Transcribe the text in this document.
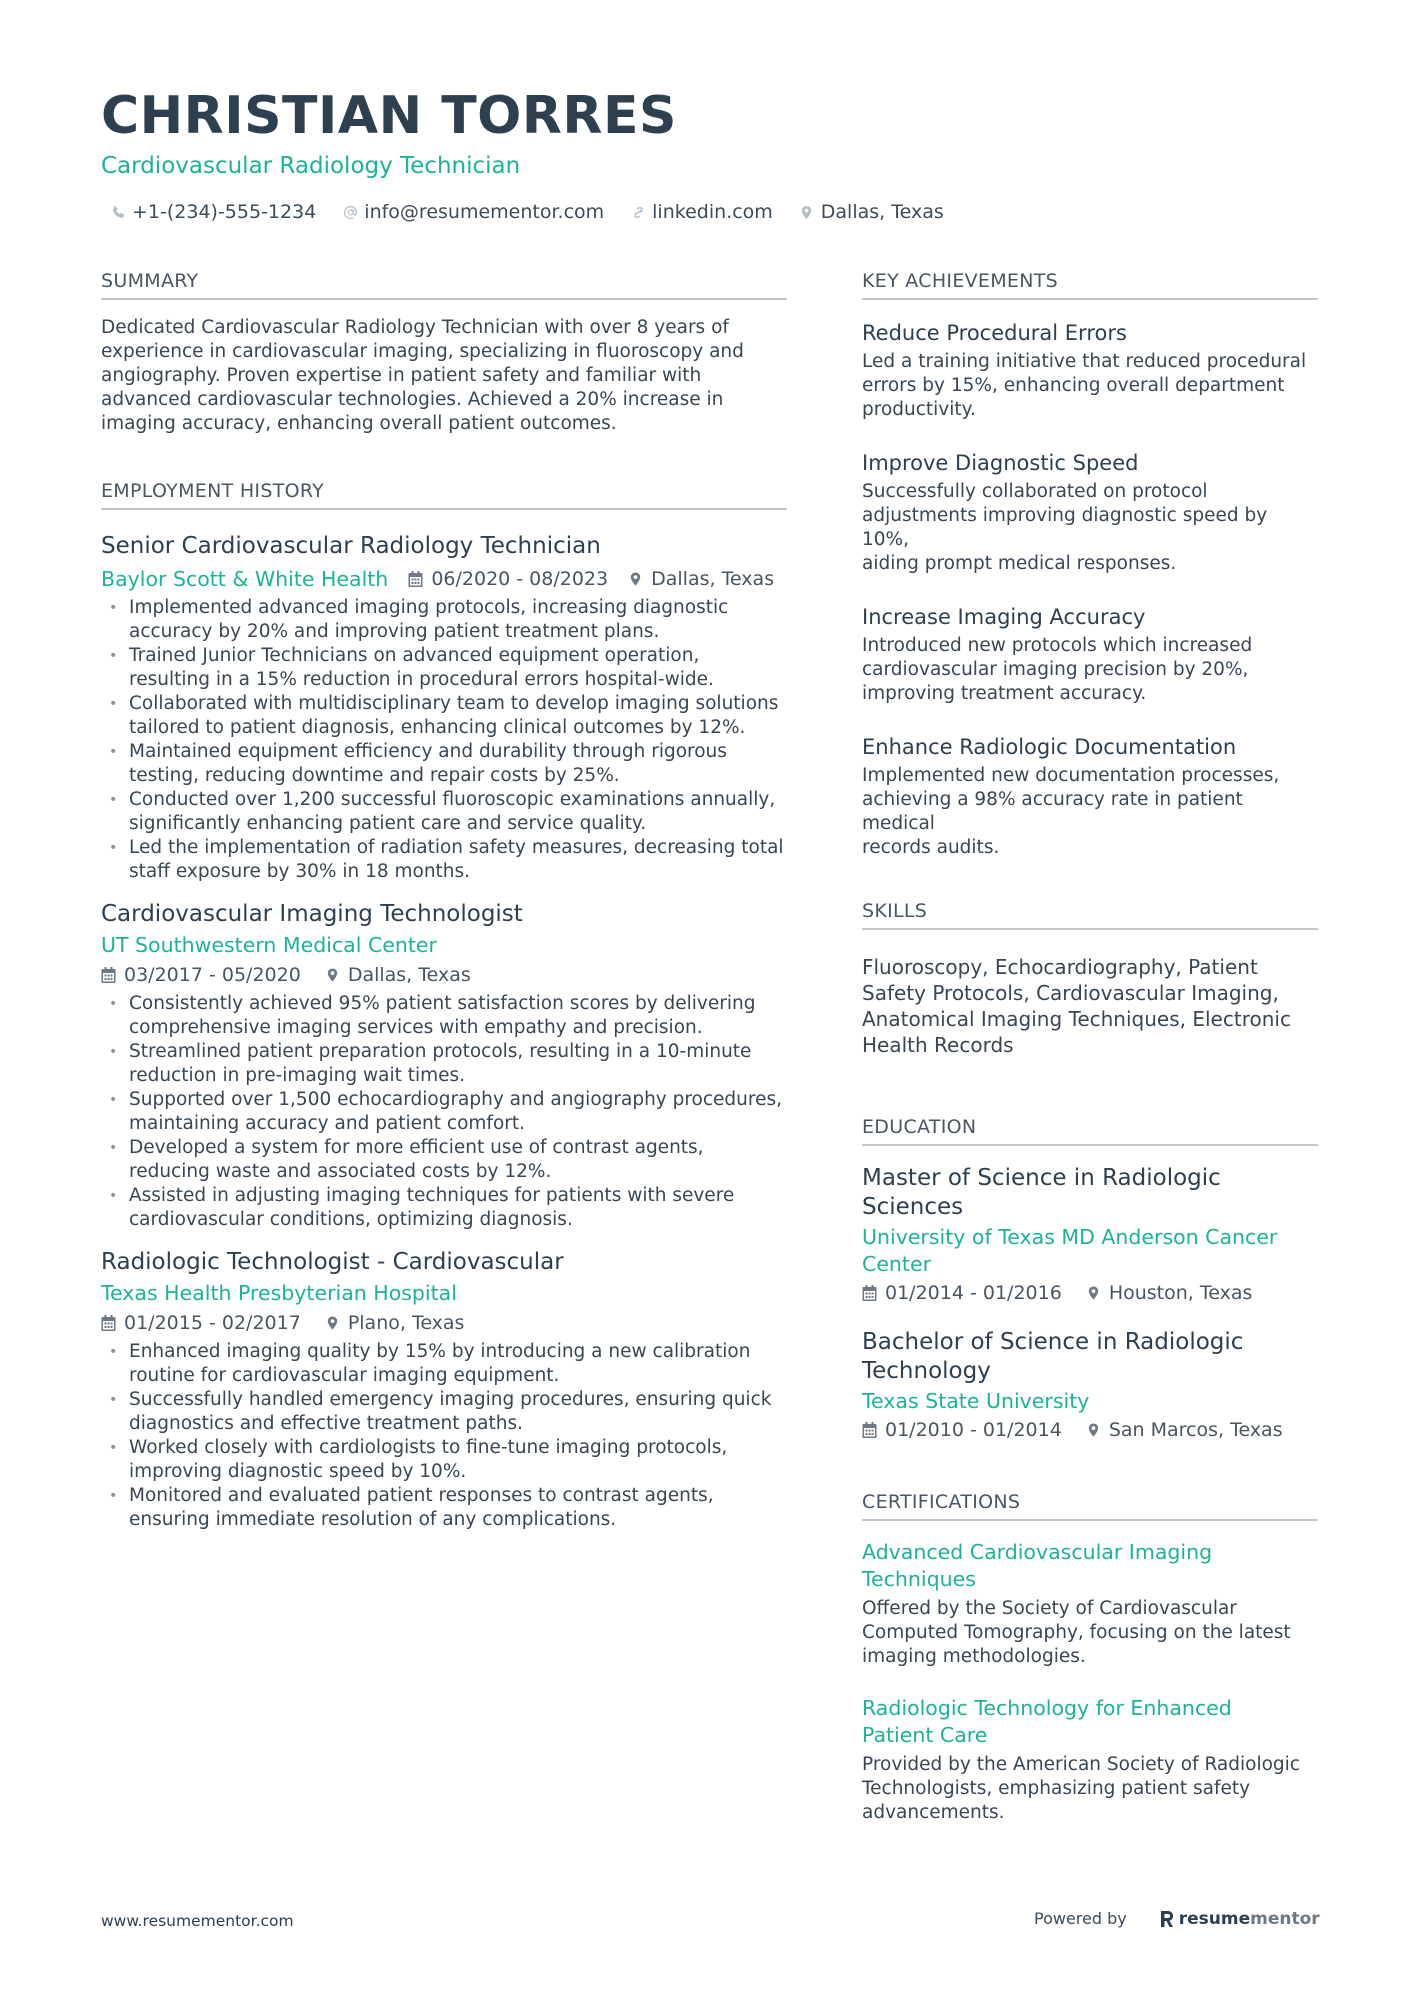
CHRISTIAN TORRES
Cardiovascular Radiology Technician
+1-(234)-555-1234	info@resumementor.com	linkedin.com	Dallas, Texas
SUMMARY
Dedicated Cardiovascular Radiology Technician with over 8 years of
experience in cardiovascular imaging, specializing in fluoroscopy and
angiography. Proven expertise in patient safety and familiar with
advanced cardiovascular technologies. Achieved a 20% increase in
imaging accuracy, enhancing overall patient outcomes.
EMPLOYMENT HISTORY
Senior Cardiovascular Radiology Technician
Baylor Scott & White Health 06/2020 - 08/2023 Dallas, Texas
• Implemented advanced imaging protocols, increasing diagnostic
accuracy by 20% and improving patient treatment plans.
• Trained Junior Technicians on advanced equipment operation,
resulting in a 15% reduction in procedural errors hospital-wide.
• Collaborated with multidisciplinary team to develop imaging solutions
tailored to patient diagnosis, enhancing clinical outcomes by 12%.
• Maintained equipment efficiency and durability through rigorous
testing, reducing downtime and repair costs by 25%.
• Conducted over 1,200 successful fluoroscopic examinations annually,
significantly enhancing patient care and service quality.
• Led the implementation of radiation safety measures, decreasing total
staff exposure by 30% in 18 months.
Cardiovascular Imaging Technologist
UT Southwestern Medical Center
03/2017 - 05/2020 Dallas, Texas
• Consistently achieved 95% patient satisfaction scores by delivering
comprehensive imaging services with empathy and precision.
• Streamlined patient preparation protocols, resulting in a 10-minute
reduction in pre-imaging wait times.
• Supported over 1,500 echocardiography and angiography procedures,
maintaining accuracy and patient comfort.
• Developed a system for more efficient use of contrast agents,
reducing waste and associated costs by 12%.
• Assisted in adjusting imaging techniques for patients with severe
cardiovascular conditions, optimizing diagnosis.
Radiologic Technologist - Cardiovascular
Texas Health Presbyterian Hospital
01/2015 - 02/2017 Plano, Texas
• Enhanced imaging quality by 15% by introducing a new calibration
routine for cardiovascular imaging equipment.
• Successfully handled emergency imaging procedures, ensuring quick
diagnostics and effective treatment paths.
• Worked closely with cardiologists to fine-tune imaging protocols,
improving diagnostic speed by 10%.
• Monitored and evaluated patient responses to contrast agents,
ensuring immediate resolution of any complications.
KEY ACHIEVEMENTS
Reduce Procedural Errors
Led a training initiative that reduced procedural
errors by 15%, enhancing overall department
productivity.
Improve Diagnostic Speed
Successfully collaborated on protocol
adjustments improving diagnostic speed by 10%,
aiding prompt medical responses.
Increase Imaging Accuracy
Introduced new protocols which increased
cardiovascular imaging precision by 20%,
improving treatment accuracy.
Enhance Radiologic Documentation
Implemented new documentation processes,
achieving a 98% accuracy rate in patient medical
records audits.
SKILLS
Fluoroscopy, Echocardiography, Patient
Safety Protocols, Cardiovascular Imaging,
Anatomical Imaging Techniques, Electronic
Health Records
EDUCATION
Master of Science in Radiologic
Sciences
University of Texas MD Anderson Cancer
Center
01/2014 - 01/2016 Houston, Texas
Bachelor of Science in Radiologic
Technology
Texas State University
01/2010 - 01/2014 San Marcos, Texas
CERTIFICATIONS
Advanced Cardiovascular Imaging
Techniques
Offered by the Society of Cardiovascular
Computed Tomography, focusing on the latest
imaging methodologies.
Radiologic Technology for Enhanced
Patient Care
Provided by the American Society of Radiologic
Technologists, emphasizing patient safety
advancements.
www.resumementor.com	Powered by	resume mentor
